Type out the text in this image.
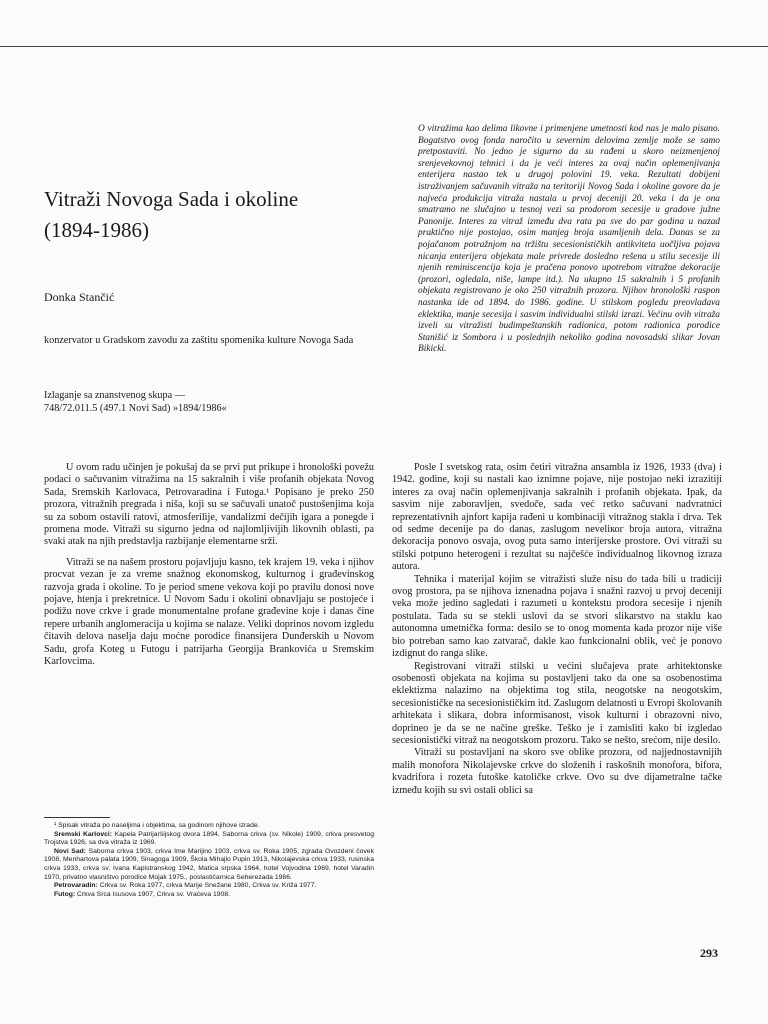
Vitraži Novoga Sada i okoline (1894-1986)

Donka Stančić

konzervator u Gradskom zavodu za zaštitu spomenika kulture Novoga Sada

Izlaganje sa znanstvenog skupa —
748/72.011.5 (497.1 Novi Sad) »1894/1986«

O vitražima kao delima likovne i primenjene umetnosti kod nas je malo pisano. Bogatstvo ovog fonda naročito u severnim delovima zemlje može se samo pretpostaviti. No jedno je sigurno da su rađeni u skoro neizmenjenoj srenjevekovnoj tehnici i da je veći interes za ovaj način oplemenjivanja enterijera nastao tek u drugoj polovini 19. veka. Rezultati dobijeni istraživanjem sačuvanih vitraža na teritoriji Novog Sada i okoline govore da je najveća produkcija vitraža nastala u prvoj deceniji 20. veka i da je ona smatramo ne slučajno u tesnoj vezi sa prodorom secesije u gradove južne Panonije. Interes za vitraž između dva rata pa sve do par godina u nazad praktično nije postojao, osim manjeg broja usamljenih dela. Danas se za pojačanom potražnjom na tržištu secesionističkih antikviteta uočljiva pojava nicanja enterijera objekata male privrede dosledno rešena u stilu secesije ili njenih reminiscencija koja je pračena ponovo upotrebom vitražne dekoracije (prozori, ogledala, niše, lampe itd.). Na ukupno 15 sakralnih i 5 profanih objekata registrovano je oko 250 vitražnih prozora. Njihov hronološki raspon nastanka ide od 1894. do 1986. godine. U stilskom pogledu preovladava eklektika, manje secesija i sasvim individualni stilski izrazi. Većinu ovih vitraža izveli su vitražisti budimpeštanskih radionica, potom radionica porodice Stanišić iz Sombora i u poslednjih nekoliko godina novosadski slikar Jovan Bikicki.

U ovom radu učinjen je pokušaj da se prvi put prikupe i hronološki povežu podaci o sačuvanim vitražima na 15 sakralnih i više profanih objekata Novog Sada, Sremskih Karlovaca, Petrovaradina i Futoga.¹ Popisano je preko 250 prozora, vitražnih pregrada i niša, koji su se sačuvali unatoč pustošenjima koja su za sobom ostavili ratovi, atmosferilije, vandalizmi dečijih igara a ponegde i promena mode. Vitraži su sigurno jedna od najlomljivijih likovnih oblasti, pa svaki atak na njih predstavlja razbijanje elementarne srži.

Vitraži se na našem prostoru pojavljuju kasno, tek krajem 19. veka i njihov procvat vezan je za vreme snažnog ekonomskog, kulturnog i građevinskog razvoja grada i okoline. To je period smene vekova koji po pravilu donosi nove pojave, htenja i prekretnice. U Novom Sadu i okolini obnavljaju se postojeće i podižu nove crkve i grade monumentalne profane građevine koje i danas čine repere urbanih anglomeracija u kojima se nalaze. Veliki doprinos novom izgledu čitavih delova naselja daju moćne porodice finansijera Dunđerskih u Novom Sadu, grofa Koteg u Futogu i patrijarha Georgija Brankovića u Sremskim Karlovcima.

Posle I svetskog rata, osim četiri vitražna ansambla iz 1926, 1933 (dva) i 1942. godine, koji su nastali kao iznimne pojave, nije postojao neki izrazitiji interes za ovaj način oplemenjivanja sakralnih i profanih objekata. Ipak, da sasvim nije zaboravljen, svedoče, sada već retko sačuvani nadvratnici reprezentativnih ajnfort kapija rađeni u kombinaciji vitražnog stakla i drva. Tek od sedme decenije pa do danas, zaslugom neveliког broja autora, vitražna dekoracija ponovo osvaja, ovog puta samo interijerske prostore. Ovi vitraži su stilski potpuno heterogeni i rezultat su najčešće individualnog likovnog izraza autora.

Tehnika i materijal kojim se vitražisti služe nisu do tada bili u tradiciji ovog prostora, pa se njihova iznenadna pojava i snažni razvoj u prvoj deceniji veka može jedino sagledati i razumeti u kontekstu prodora secesije i njenih postulata. Tada su se stekli uslovi da se stvori slikarstvo na staklu kao autonomna umetnička forma: desilo se to onog momenta kada prozor nije više bio potreban samo kao zatvarač, dakle kao funkcionalni oblik, već je ponovo izdignut do ranga slike.

Registrovani vitraži stilski u većini slučajeva prate arhitektonske osobenosti objekata na kojima su postavljeni tako da one sa osobenostima eklektizma nalazimo na objektima tog stila, neogotske na neogotskim, secesionističke na secesionističkim itd. Zaslugom delatnosti u Evropi školovanih arhitekata i slikara, dobra informisanost, visok kulturni i obrazovni nivo, doprineo je da se ne načine greške. Teško je i zamisliti kako bi izgledao secesionistički vitraž na neogotskom prozoru. Tako se nešto, srećom, nije desilo.

Vitraži su postavljani na skoro sve oblike prozora, od najjednostavnijih malih monofora Nikolajevske crkve do složenih i raskošnih monofora, bifora, kvadrifora i rozeta futoške katoličke crkve. Ovo su dve dijametralne tačke između kojih su svi ostali oblici sa

¹ Spisak vitraža po naseljima i objektima, sa godinom njihove izrade.

Sremski Karlovci: Kapela Patrijaršijskog dvora 1894, Saborna crkva (sv. Nikole) 1909, crkva presvetog Trojstva 1926, sa dva vitraža iz 1969.

Novi Sad: Saborna crkva 1903, crkva Ime Marijino 1903, crkva sv. Roka 1905, zgrada Gvozdeni čovek 1908, Menhartova palata 1909, Sinagoga 1909, Škola Mihajlo Pupin 1913, Nikolajevska crkva 1933, rusinska crkva 1933, crkva sv. Ivana Kapistranskog 1942, Matica srpska 1964, hotel Vojvodina 1969, hotel Varadin 1970, privatno vlasništvo porodice Mojak 1975., poslastičarnica Seherezada 1986.

Petrovaradin: Crkva sv. Roka 1977, crkva Marije Snežane 1980, Crkva sv. Križa 1977.

Futog: Crkva Srca Isusova 1907, Crkva sv. Vraćeva 1908.

293
